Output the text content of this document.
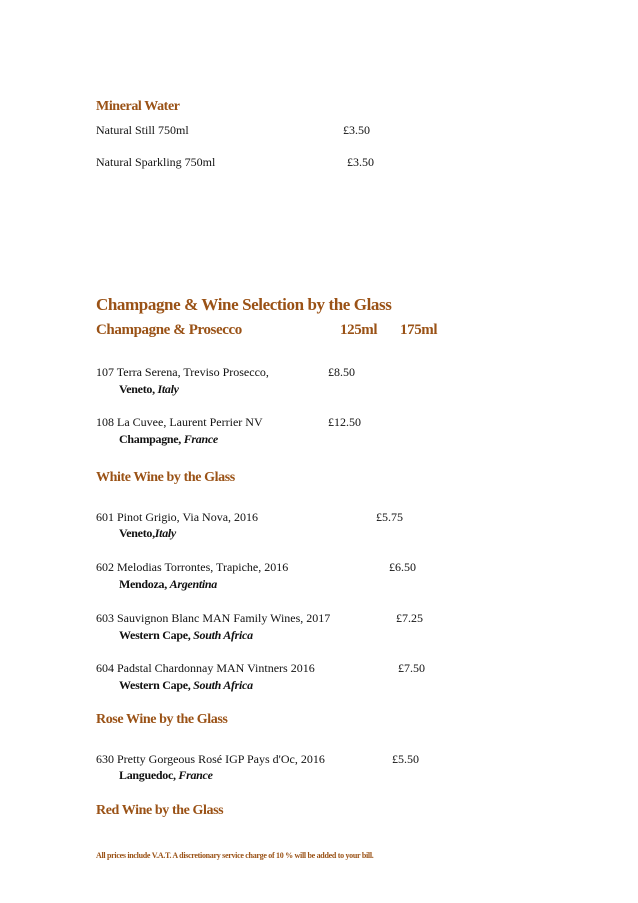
Mineral Water
Natural Still 750ml	£3.50
Natural Sparkling 750ml	£3.50
Champagne & Wine Selection by the Glass
Champagne & Prosecco	125ml 175ml
107 Terra Serena, Treviso Prosecco,	£8.50
Veneto, Italy
108 La Cuvee, Laurent Perrier NV	£12.50
Champagne, France
White Wine by the Glass
601 Pinot Grigio, Via Nova, 2016	£5.75
Veneto,Italy
602 Melodias Torrontes, Trapiche, 2016	£6.50
Mendoza, Argentina
603 Sauvignon Blanc MAN Family Wines, 2017	£7.25
Western Cape, South Africa
604 Padstal Chardonnay MAN Vintners 2016	£7.50
Western Cape, South Africa
Rose Wine by the Glass
630 Pretty Gorgeous Rosé IGP Pays d'Oc, 2016	£5.50
Languedoc, France
Red Wine by the Glass
All prices include V.A.T. A discretionary service charge of 10 % will be added to your bill.
